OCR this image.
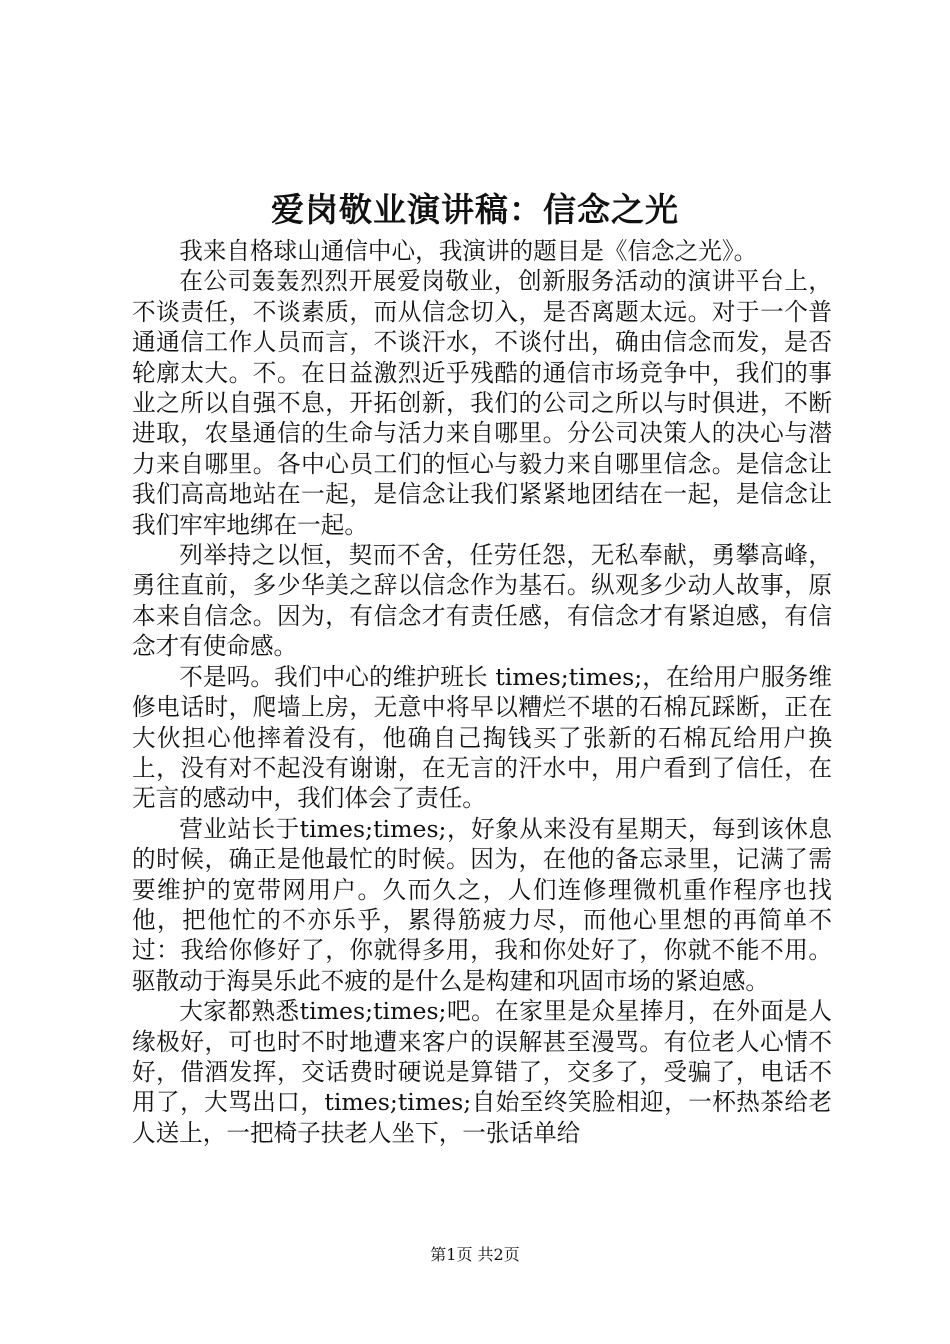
爱岗敬业演讲稿：信念之光

我来自格球山通信中心，我演讲的题目是《信念之光》。

在公司轰轰烈烈开展爱岗敬业，创新服务活动的演讲平台上，不谈责任，不谈素质，而从信念切入，是否离题太远。对于一个普通通信工作人员而言，不谈汗水，不谈付出，确由信念而发，是否轮廓太大。不。在日益激烈近乎残酷的通信市场竞争中，我们的事业之所以自强不息，开拓创新，我们的公司之所以与时俱进，不断进取，农垦通信的生命与活力来自哪里。分公司决策人的决心与潜力来自哪里。各中心员工们的恒心与毅力来自哪里信念。是信念让我们高高地站在一起，是信念让我们紧紧地团结在一起，是信念让我们牢牢地绑在一起。

列举持之以恒，契而不舍，任劳任怨，无私奉献，勇攀高峰，勇往直前，多少华美之辞以信念作为基石。纵观多少动人故事，原本来自信念。因为，有信念才有责任感，有信念才有紧迫感，有信念才有使命感。

不是吗。我们中心的维护班长 times;times;，在给用户服务维修电话时，爬墙上房，无意中将早以糟烂不堪的石棉瓦踩断，正在大伙担心他摔着没有，他确自己掏钱买了张新的石棉瓦给用户换上，没有对不起没有谢谢，在无言的汗水中，用户看到了信任，在无言的感动中，我们体会了责任。

营业站长于times;times;，好象从来没有星期天，每到该休息的时候，确正是他最忙的时候。因为，在他的备忘录里，记满了需要维护的宽带网用户。久而久之，人们连修理微机重作程序也找他，把他忙的不亦乐乎，累得筋疲力尽，而他心里想的再简单不过：我给你修好了，你就得多用，我和你处好了，你就不能不用。驱散动于海昊乐此不疲的是什么是构建和巩固市场的紧迫感。

大家都熟悉times;times;吧。在家里是众星捧月，在外面是人缘极好，可也时不时地遭来客户的误解甚至漫骂。有位老人心情不好，借酒发挥，交话费时硬说是算错了，交多了，受骗了，电话不用了，大骂出口，times;times;自始至终笑脸相迎，一杯热茶给老人送上，一把椅子扶老人坐下，一张话单给

第1页 共2页
